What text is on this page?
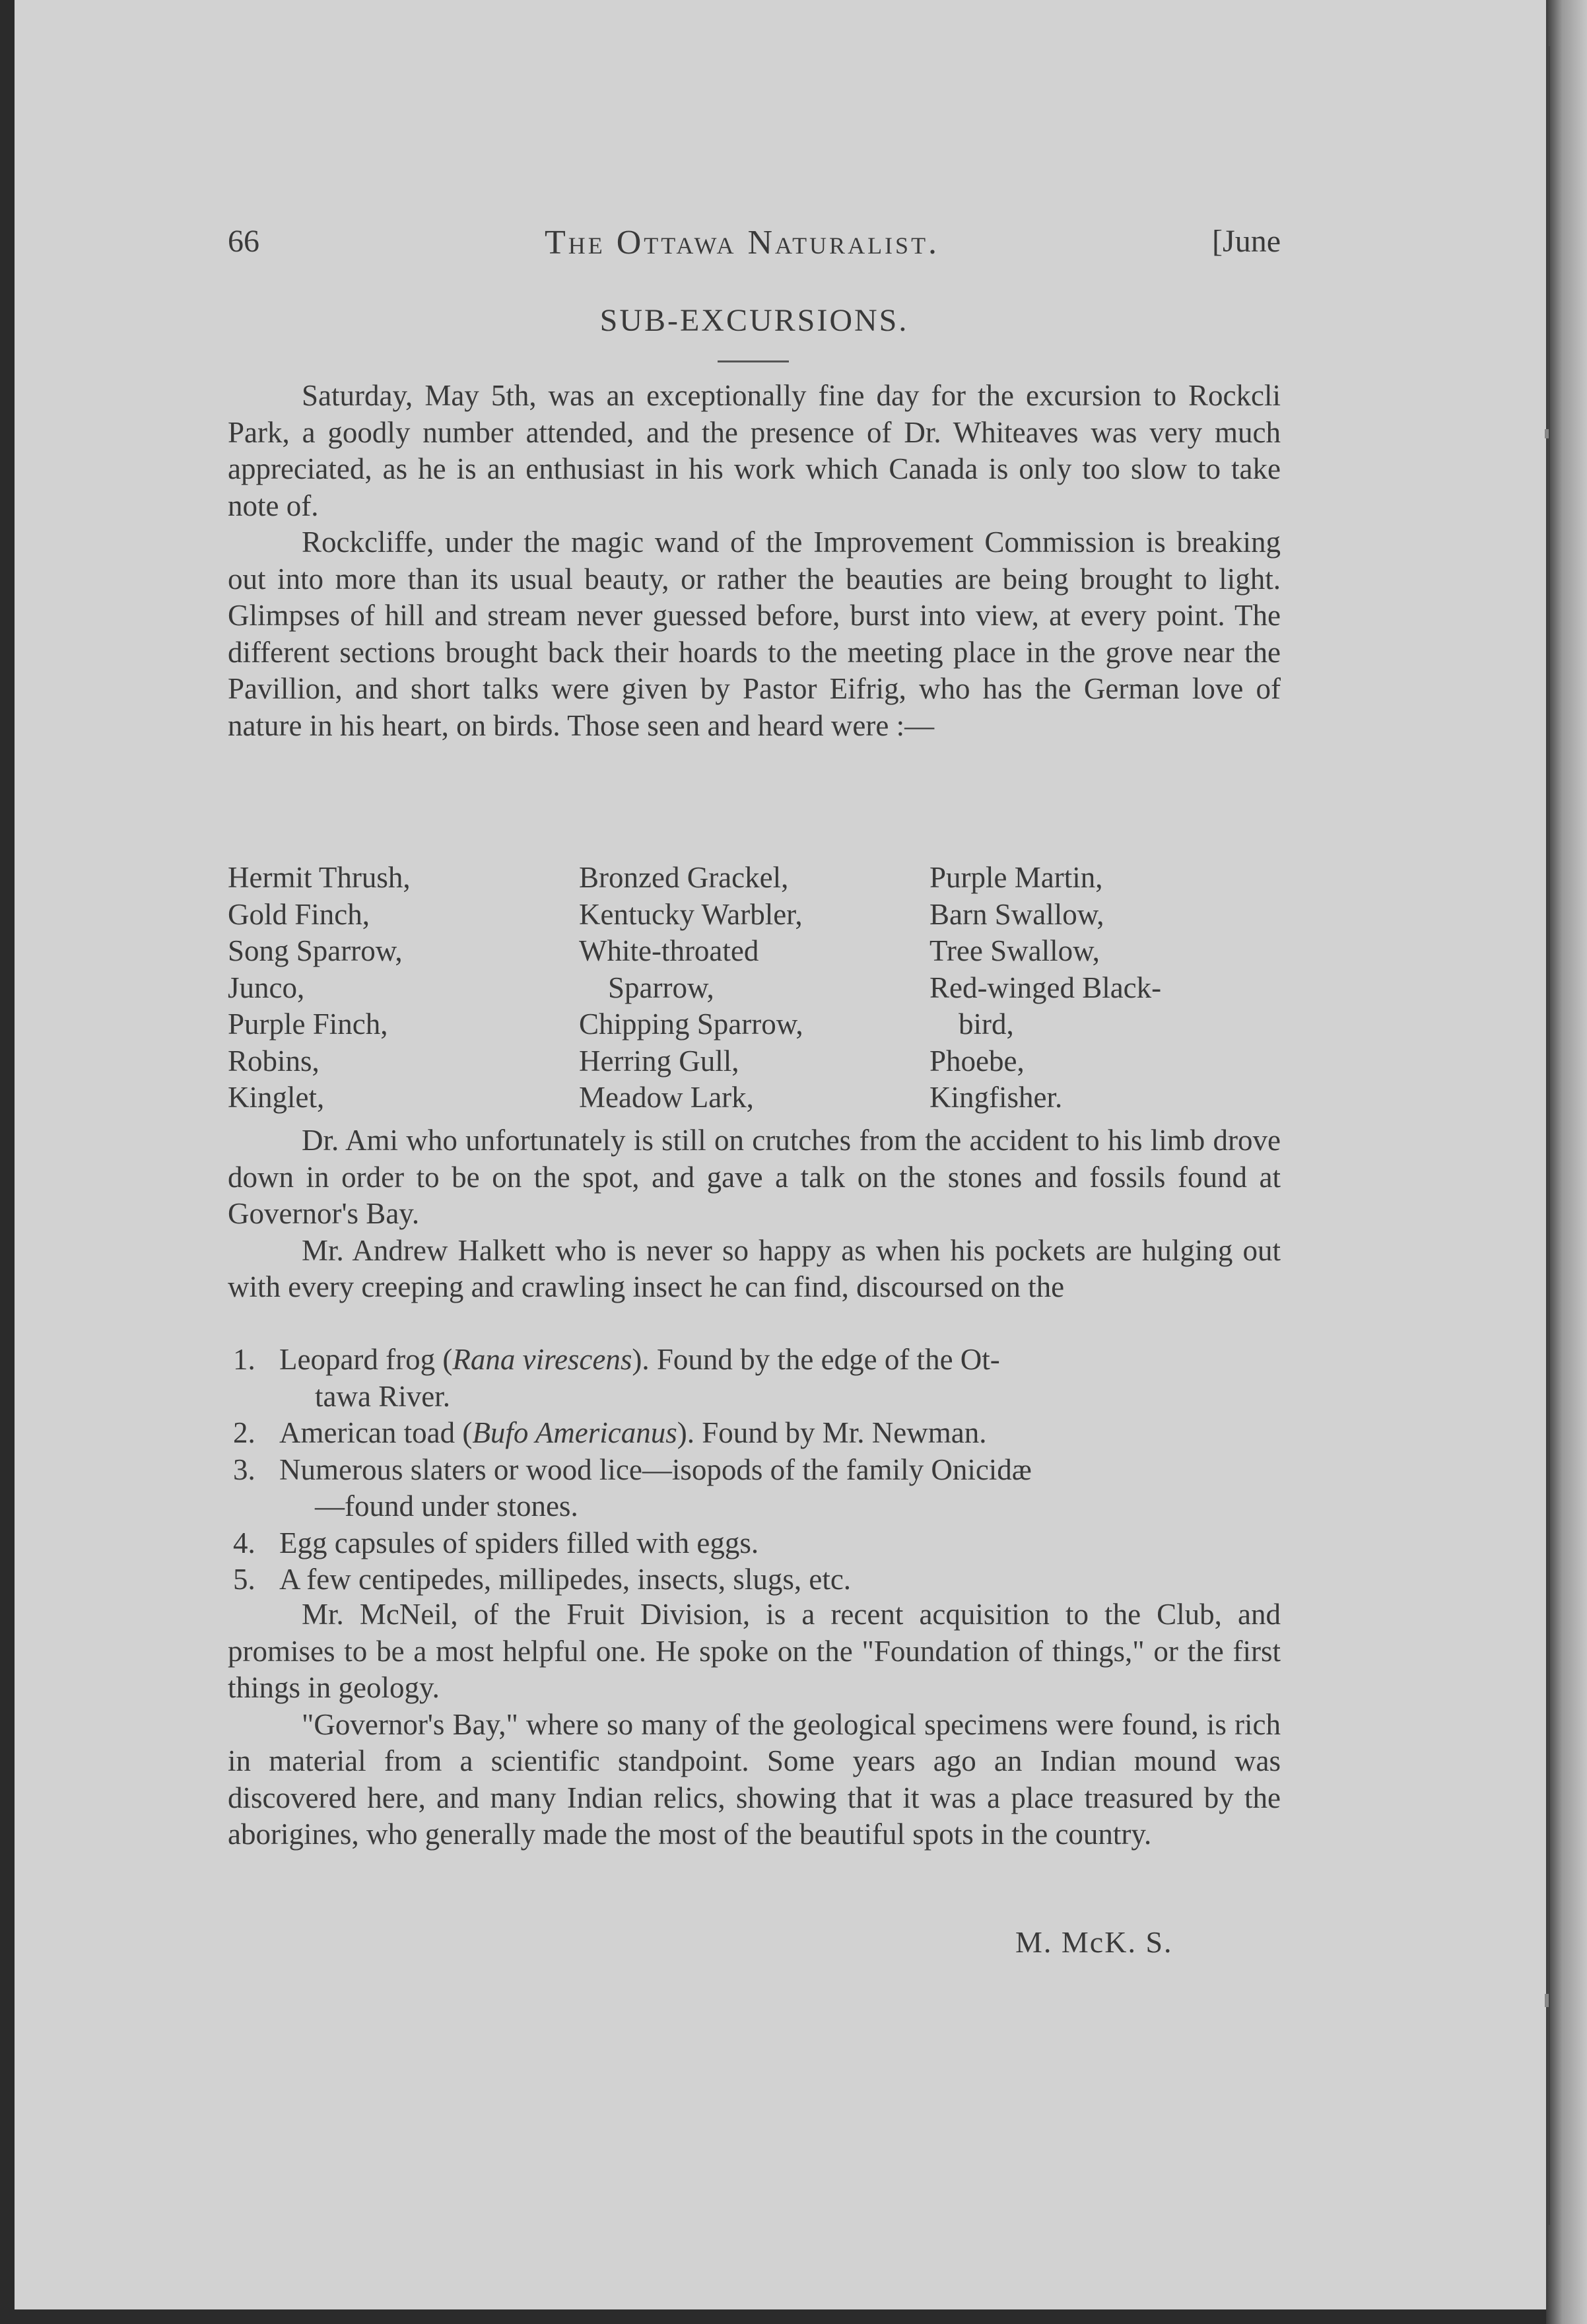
66	The Ottawa Naturalist.	[June
SUB-EXCURSIONS.

Saturday, May 5th, was an exceptionally fine day for the excursion to Rockcli Park, a goodly number attended, and the presence of Dr. Whiteaves was very much appreciated, as he is an enthusiast in his work which Canada is only too slow to take note of.

Rockcliffe, under the magic wand of the Improvement Commission is breaking out into more than its usual beauty, or rather the beauties are being brought to light. Glimpses of hill and stream never guessed before, burst into view, at every point. The different sections brought back their hoards to the meeting place in the grove near the Pavillion, and short talks were given by Pastor Eifrig, who has the German love of nature in his heart, on birds. Those seen and heard were :—

Hermit Thrush,
Gold Finch,
Song Sparrow,
Junco,
Purple Finch,
Robins,
Kinglet,
Bronzed Grackel,
Kentucky Warbler,
White-throated
Sparrow,
Chipping Sparrow,
Herring Gull,
Meadow Lark,
Purple Martin,
Barn Swallow,
Tree Swallow,
Red-winged Black-
bird,
Phoebe,
Kingfisher.

Dr. Ami who unfortunately is still on crutches from the accident to his limb drove down in order to be on the spot, and gave a talk on the stones and fossils found at Governor's Bay.

Mr. Andrew Halkett who is never so happy as when his pockets are hulging out with every creeping and crawling insect he can find, discoursed on the

1. Leopard frog (Rana virescens). Found by the edge of the Ot-
tawa River.
2. American toad (Bufo Americanus). Found by Mr. Newman.
3. Numerous slaters or wood lice—isopods of the family Onicidæ
—found under stones.
4. Egg capsules of spiders filled with eggs.
5. A few centipedes, millipedes, insects, slugs, etc.

Mr. McNeil, of the Fruit Division, is a recent acquisition to the Club, and promises to be a most helpful one. He spoke on the "Foundation of things," or the first things in geology.

"Governor's Bay," where so many of the geological specimens were found, is rich in material from a scientific standpoint. Some years ago an Indian mound was discovered here, and many Indian relics, showing that it was a place treasured by the aborigines, who generally made the most of the beautiful spots in the country.

M. McK. S.
